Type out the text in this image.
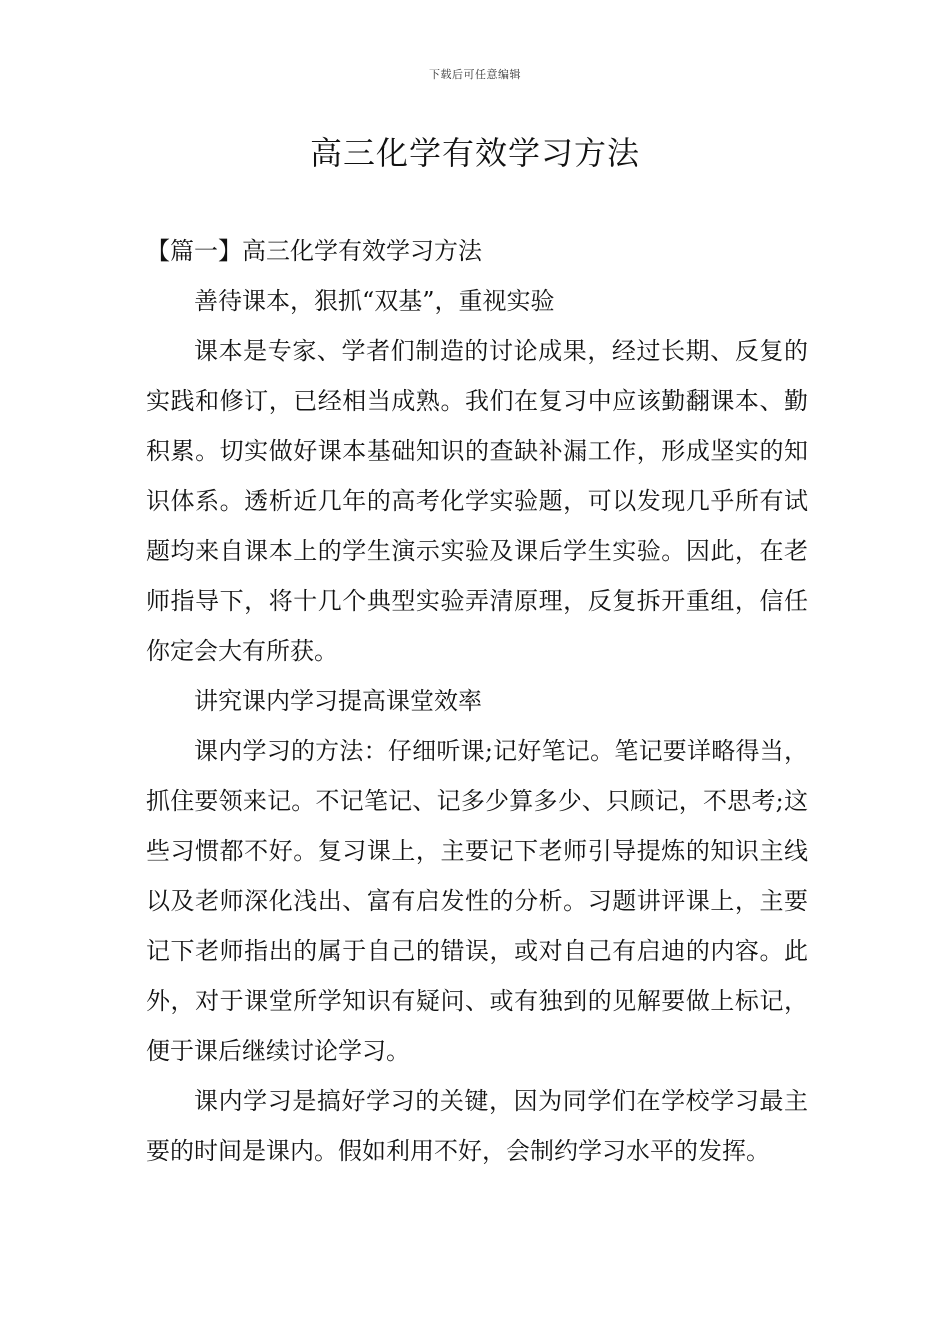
下载后可任意编辑
高三化学有效学习方法
【篇一】高三化学有效学习方法

善待课本，狠抓“双基”，重视实验

课本是专家、学者们制造的讨论成果，经过长期、反复的实践和修订，已经相当成熟。我们在复习中应该勤翻课本、勤积累。切实做好课本基础知识的查缺补漏工作，形成坚实的知识体系。透析近几年的高考化学实验题，可以发现几乎所有试题均来自课本上的学生演示实验及课后学生实验。因此，在老师指导下，将十几个典型实验弄清原理，反复拆开重组，信任你定会大有所获。

讲究课内学习提高课堂效率

课内学习的方法：仔细听课;记好笔记。笔记要详略得当，抓住要领来记。不记笔记、记多少算多少、只顾记，不思考;这些习惯都不好。复习课上，主要记下老师引导提炼的知识主线以及老师深化浅出、富有启发性的分析。习题讲评课上，主要记下老师指出的属于自己的错误，或对自己有启迪的内容。此外，对于课堂所学知识有疑问、或有独到的见解要做上标记，便于课后继续讨论学习。

课内学习是搞好学习的关键，因为同学们在学校学习最主要的时间是课内。假如利用不好，会制约学习水平的发挥。
